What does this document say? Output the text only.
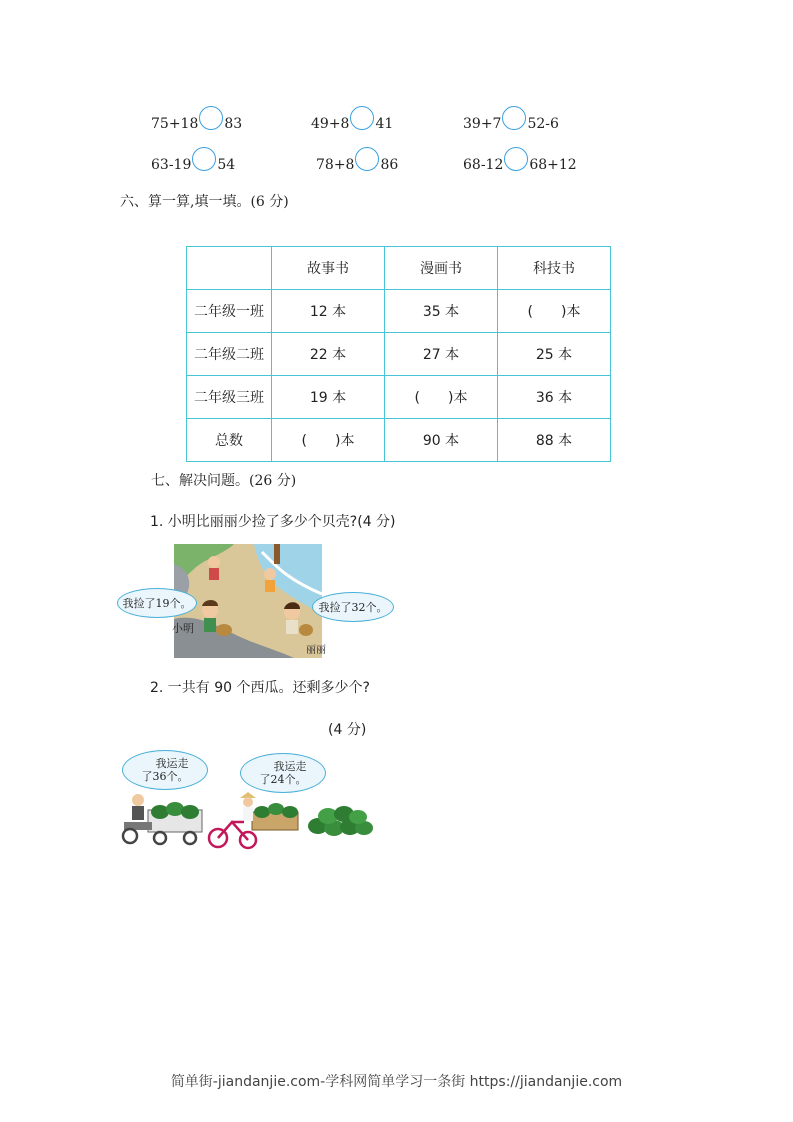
75+18 83	49+8 41	39+7 52-6
63-19 54	78+8 86	68-12 68+12
六、算一算,填一填。(6 分)
	故事书	漫画书	科技书
二年级一班	12 本	35 本	(　　)本
二年级二班	22 本	27 本	25 本
二年级三班	19 本	(　　)本	36 本
总数	(　　)本	90 本	88 本
七、解决问题。(26 分)
1. 小明比丽丽少捡了多少个贝壳?(4 分)
我捡了19个。	我捡了32个。
小明
丽丽
2. 一共有 90 个西瓜。还剩多少个?
(4 分)
我运走
了36个。
我运走
了24个。
简单街-jiandanjie.com-学科网简单学习一条街 https://jiandanjie.com
